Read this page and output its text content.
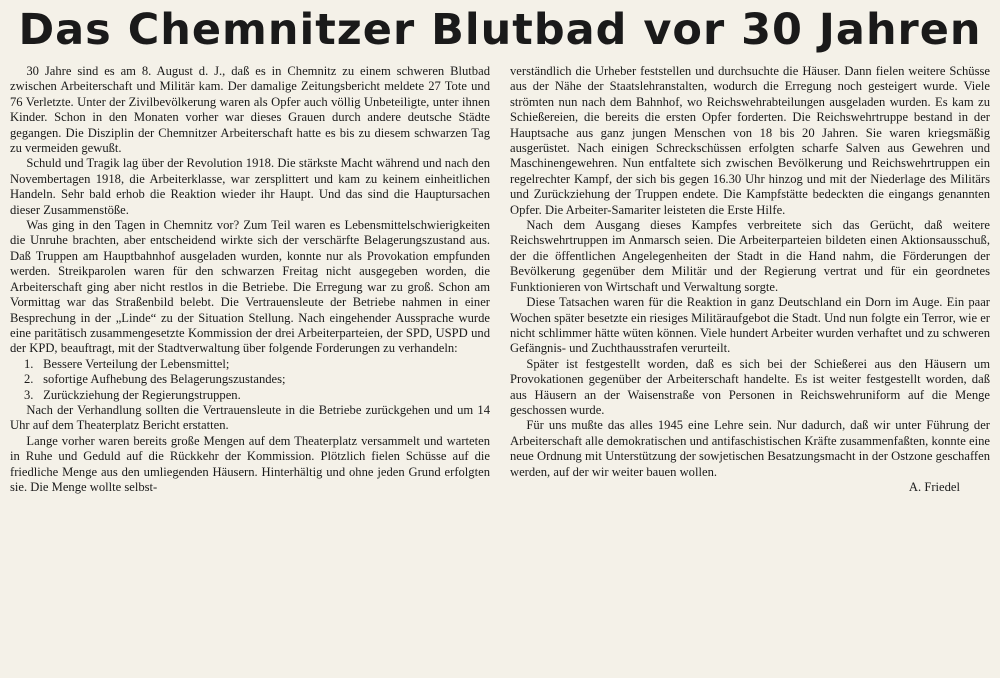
Das Chemnitzer Blutbad vor 30 Jahren

30 Jahre sind es am 8. August d. J., daß es in Chemnitz zu einem schweren Blutbad zwischen Arbeiterschaft und Militär kam. Der damalige Zeitungsbericht meldete 27 Tote und 76 Verletzte. Unter der Zivilbevölkerung waren als Opfer auch völlig Unbeteiligte, unter ihnen Kinder. Schon in den Monaten vorher war dieses Grauen durch andere deutsche Städte gegangen. Die Disziplin der Chemnitzer Arbeiterschaft hatte es bis zu diesem schwarzen Tag zu vermeiden gewußt.

Schuld und Tragik lag über der Revolution 1918. Die stärkste Macht während und nach den Novembertagen 1918, die Arbeiterklasse, war zersplittert und kam zu keinem einheitlichen Handeln. Sehr bald erhob die Reaktion wieder ihr Haupt. Und das sind die Hauptursachen dieser Zusammenstöße.

Was ging in den Tagen in Chemnitz vor? Zum Teil waren es Lebensmittelschwierigkeiten die Unruhe brachten, aber entscheidend wirkte sich der verschärfte Belagerungszustand aus. Daß Truppen am Hauptbahnhof ausgeladen wurden, konnte nur als Provokation empfunden werden. Streikparolen waren für den schwarzen Freitag nicht ausgegeben worden, die Arbeiterschaft ging aber nicht restlos in die Betriebe. Die Erregung war zu groß. Schon am Vormittag war das Straßenbild belebt. Die Vertrauensleute der Betriebe nahmen in einer Besprechung in der „Linde“ zu der Situation Stellung. Nach eingehender Aussprache wurde eine paritätisch zusammengesetzte Kommission der drei Arbeiterparteien, der SPD, USPD und der KPD, beauftragt, mit der Stadtverwaltung über folgende Forderungen zu verhandeln:

1. Bessere Verteilung der Lebensmittel;
2. sofortige Aufhebung des Belagerungszustandes;
3. Zurückziehung der Regierungstruppen.

Nach der Verhandlung sollten die Vertrauensleute in die Betriebe zurückgehen und um 14 Uhr auf dem Theaterplatz Bericht erstatten.

Lange vorher waren bereits große Mengen auf dem Theaterplatz versammelt und warteten in Ruhe und Geduld auf die Rückkehr der Kommission. Plötzlich fielen Schüsse auf die friedliche Menge aus den umliegenden Häusern. Hinterhältig und ohne jeden Grund erfolgten sie. Die Menge wollte selbst-

verständlich die Urheber feststellen und durchsuchte die Häuser. Dann fielen weitere Schüsse aus der Nähe der Staatslehranstalten, wodurch die Erregung noch gesteigert wurde. Viele strömten nun nach dem Bahnhof, wo Reichswehrabteilungen ausgeladen wurden. Es kam zu Schießereien, die bereits die ersten Opfer forderten. Die Reichswehrtruppe bestand in der Hauptsache aus ganz jungen Menschen von 18 bis 20 Jahren. Sie waren kriegsmäßig ausgerüstet. Nach einigen Schreckschüssen erfolgten scharfe Salven aus Gewehren und Maschinengewehren. Nun entfaltete sich zwischen Bevölkerung und Reichswehrtruppen ein regelrechter Kampf, der sich bis gegen 16.30 Uhr hinzog und mit der Niederlage des Militärs und Zurückziehung der Truppen endete. Die Kampfstätte bedeckten die eingangs genannten Opfer. Die Arbeiter-Samariter leisteten die Erste Hilfe.

Nach dem Ausgang dieses Kampfes verbreitete sich das Gerücht, daß weitere Reichswehrtruppen im Anmarsch seien. Die Arbeiterparteien bildeten einen Aktionsausschuß, der die öffentlichen Angelegenheiten der Stadt in die Hand nahm, die Förderungen der Bevölkerung gegenüber dem Militär und der Regierung vertrat und für ein geordnetes Funktionieren von Wirtschaft und Verwaltung sorgte.

Diese Tatsachen waren für die Reaktion in ganz Deutschland ein Dorn im Auge. Ein paar Wochen später besetzte ein riesiges Militäraufgebot die Stadt. Und nun folgte ein Terror, wie er nicht schlimmer hätte wüten können. Viele hundert Arbeiter wurden verhaftet und zu schweren Gefängnis- und Zuchthausstrafen verurteilt.

Später ist festgestellt worden, daß es sich bei der Schießerei aus den Häusern um Provokationen gegenüber der Arbeiterschaft handelte. Es ist weiter festgestellt worden, daß aus Häusern an der Waisenstraße von Personen in Reichswehruniform auf die Menge geschossen wurde.

Für uns mußte das alles 1945 eine Lehre sein. Nur dadurch, daß wir unter Führung der Arbeiterschaft alle demokratischen und antifaschistischen Kräfte zusammenfaßten, konnte eine neue Ordnung mit Unterstützung der sowjetischen Besatzungsmacht in der Ostzone geschaffen werden, auf der wir weiter bauen wollen.

A. Friedel
